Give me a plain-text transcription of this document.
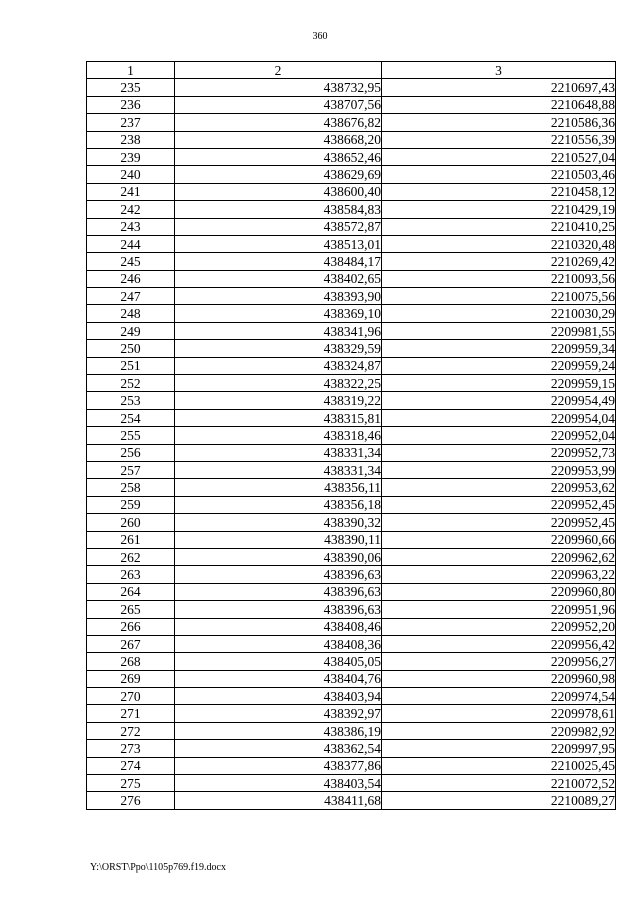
360
1	2	3
235	438732,95	2210697,43
236	438707,56	2210648,88
237	438676,82	2210586,36
238	438668,20	2210556,39
239	438652,46	2210527,04
240	438629,69	2210503,46
241	438600,40	2210458,12
242	438584,83	2210429,19
243	438572,87	2210410,25
244	438513,01	2210320,48
245	438484,17	2210269,42
246	438402,65	2210093,56
247	438393,90	2210075,56
248	438369,10	2210030,29
249	438341,96	2209981,55
250	438329,59	2209959,34
251	438324,87	2209959,24
252	438322,25	2209959,15
253	438319,22	2209954,49
254	438315,81	2209954,04
255	438318,46	2209952,04
256	438331,34	2209952,73
257	438331,34	2209953,99
258	438356,11	2209953,62
259	438356,18	2209952,45
260	438390,32	2209952,45
261	438390,11	2209960,66
262	438390,06	2209962,62
263	438396,63	2209963,22
264	438396,63	2209960,80
265	438396,63	2209951,96
266	438408,46	2209952,20
267	438408,36	2209956,42
268	438405,05	2209956,27
269	438404,76	2209960,98
270	438403,94	2209974,54
271	438392,97	2209978,61
272	438386,19	2209982,92
273	438362,54	2209997,95
274	438377,86	2210025,45
275	438403,54	2210072,52
276	438411,68	2210089,27
Y:\ORST\Ppo\1105p769.f19.docx
